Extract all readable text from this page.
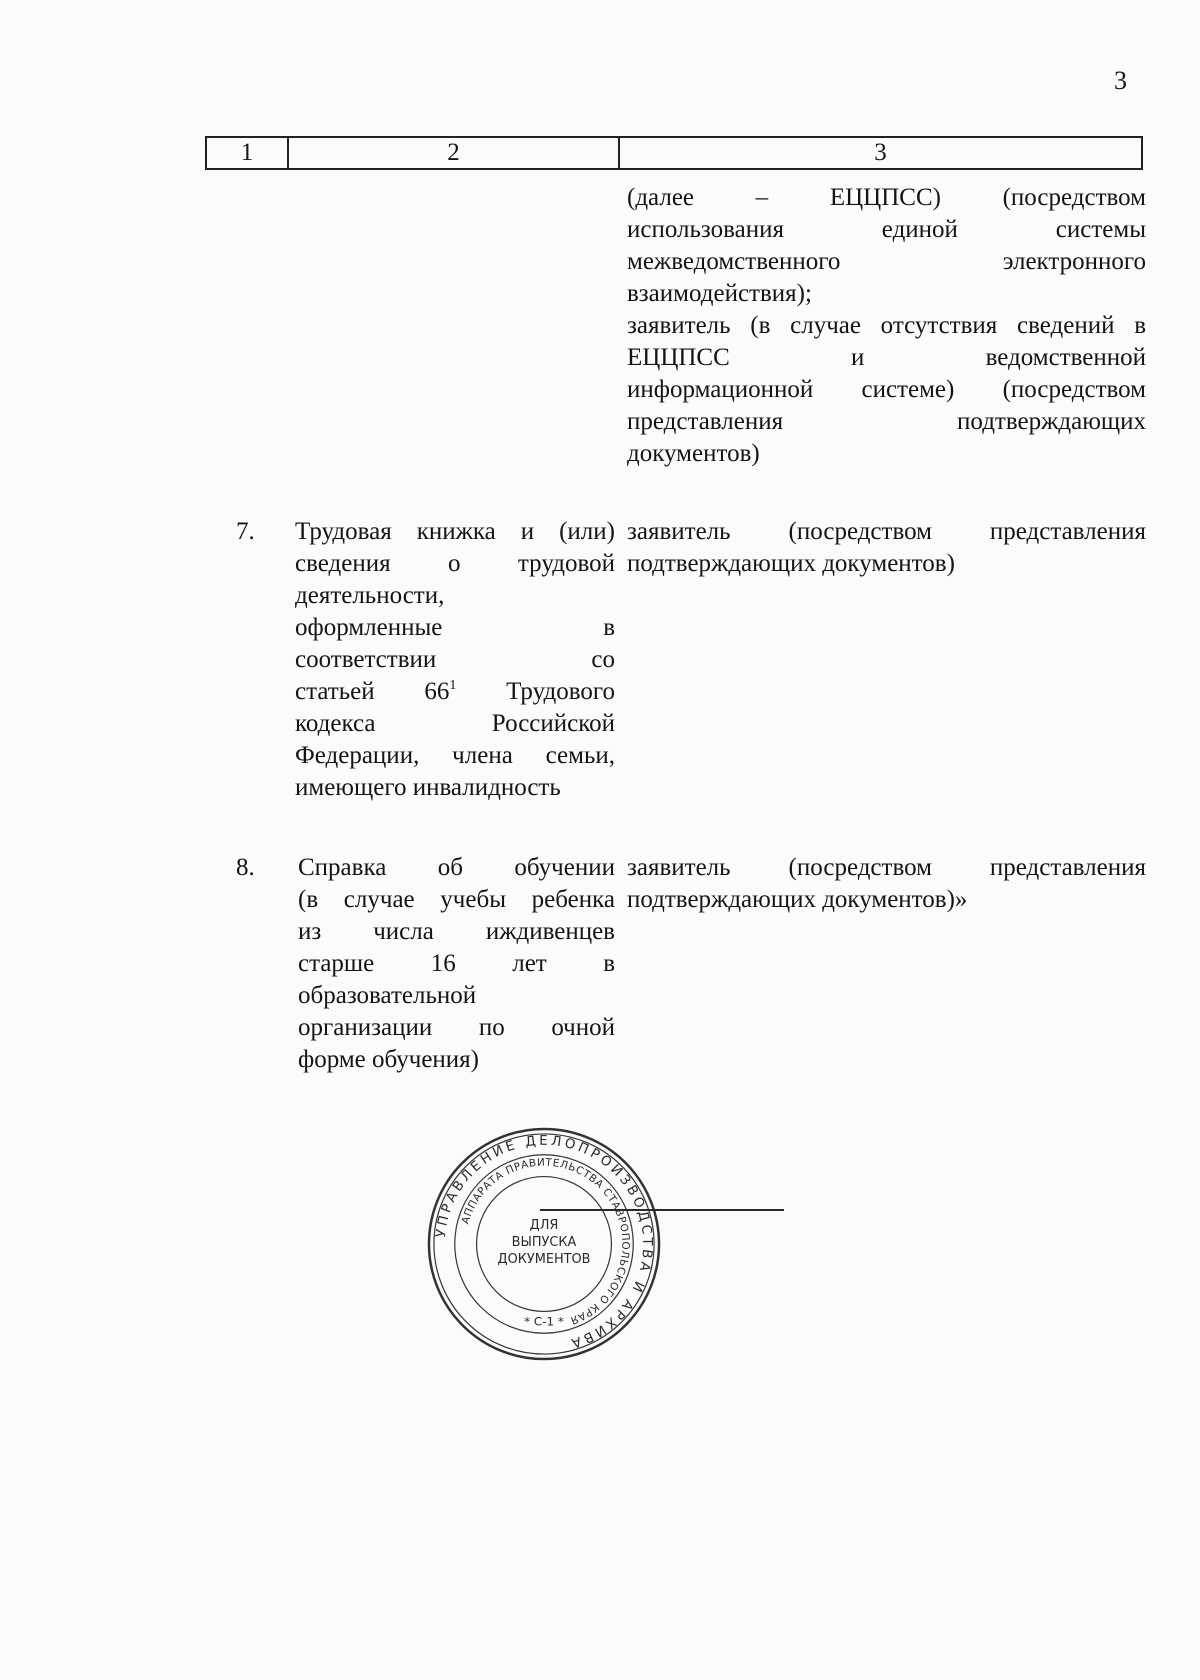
3
1	2	3
(далее – ЕЦЦПСС) (посредством
использования единой системы
межведомственного электронного
взаимодействия);
заявитель (в случае отсутствия сведений в
ЕЦЦПСС и ведомственной
информационной системе) (посредством
представления подтверждающих
документов)
7. Трудовая книжка и (или)
сведения о трудовой
деятельности,
оформленные в
соответствии со
статьей $66^1$ Трудового
кодекса Российской
Федерации, члена семьи,
имеющего инвалидность
заявитель (посредством представления
подтверждающих документов)
8. Справка об обучении
(в случае учебы ребенка
из числа иждивенцев
старше 16 лет в
образовательной
организации по очной
форме обучения)
заявитель (посредством представления
подтверждающих документов)»
УПРАВЛЕНИЕ ДЕЛОПРОИЗВОДСТВА И АРХИВА
АППАРАТА ПРАВИТЕЛЬСТВА СТАВРОПОЛЬСКОГО КРАЯ
ДЛЯ
ВЫПУСКА
ДОКУМЕНТОВ
* С-1 *
